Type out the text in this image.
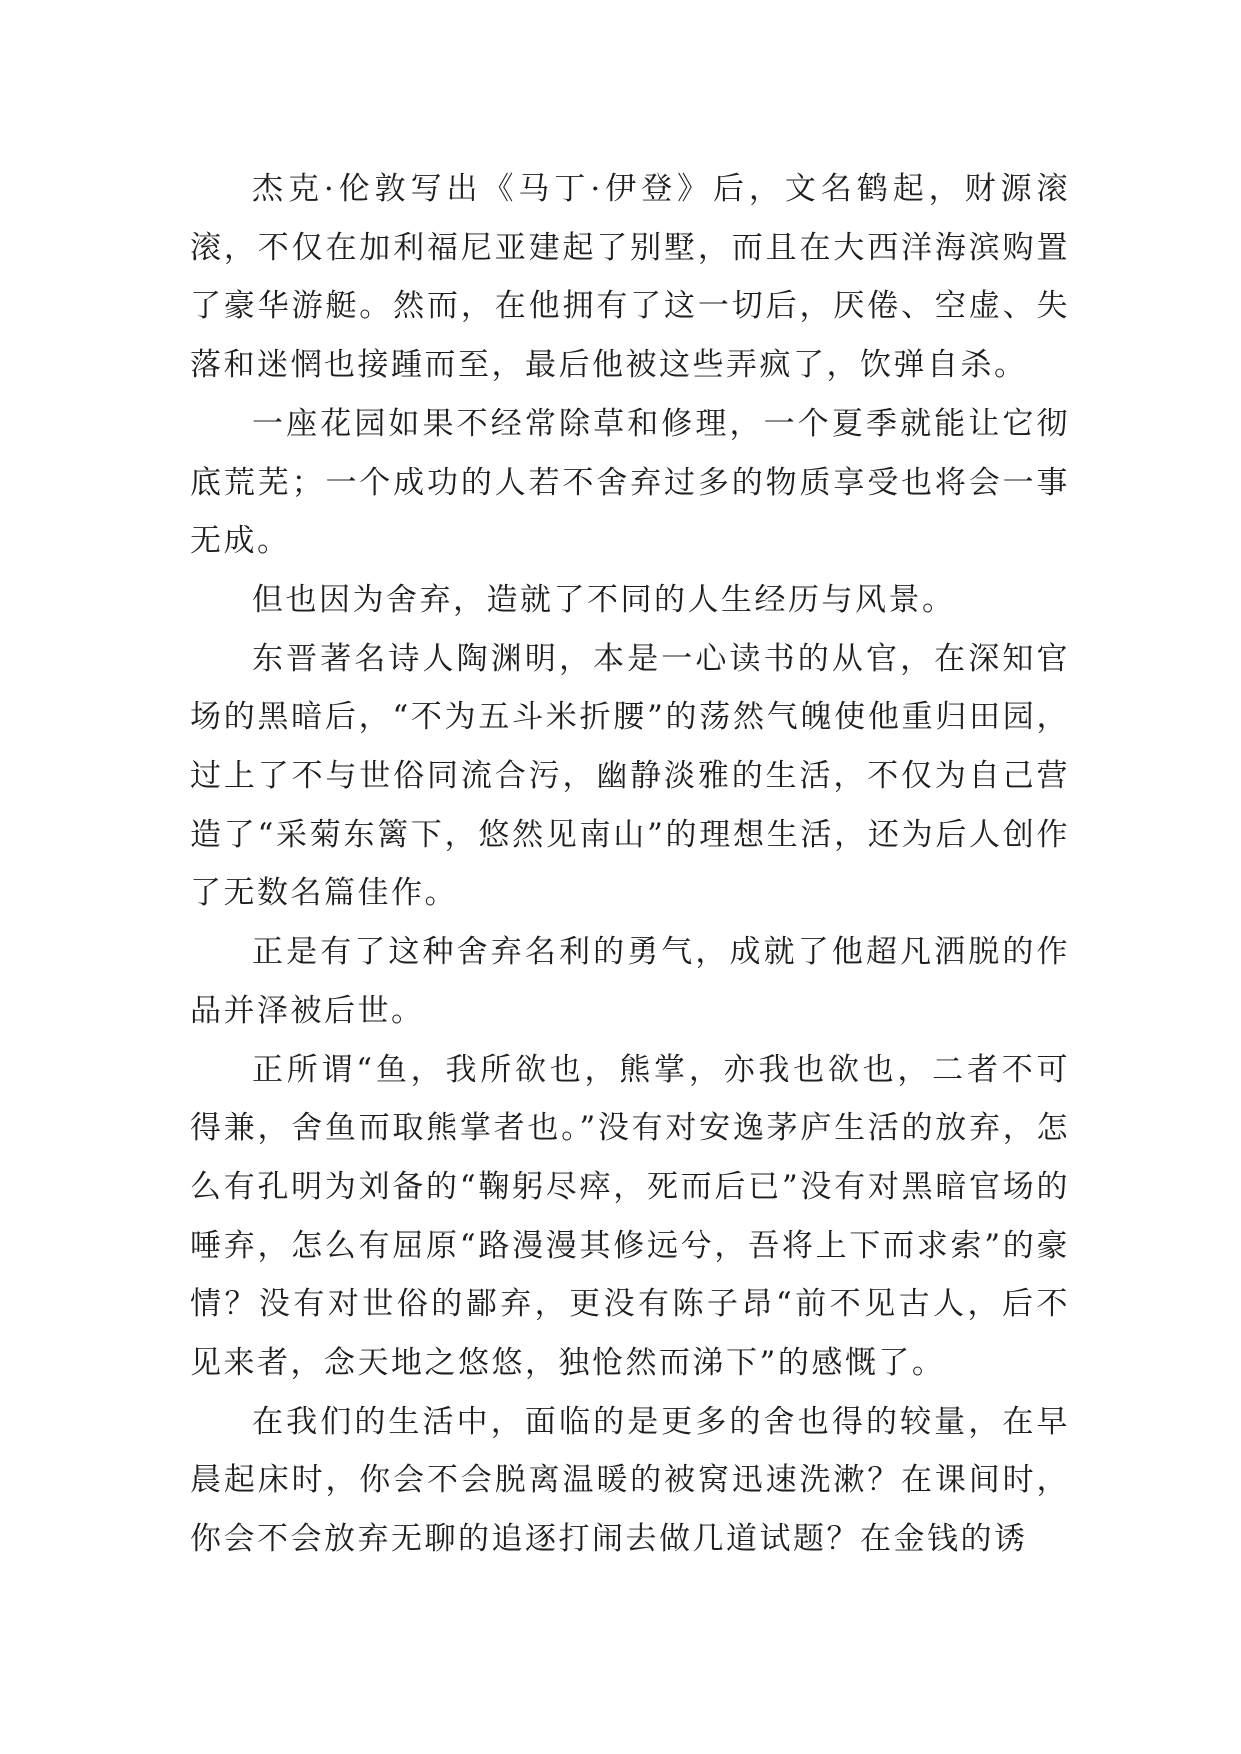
杰克·伦敦写出《马丁·伊登》后，文名鹤起，财源滚滚，不仅在加利福尼亚建起了别墅，而且在大西洋海滨购置了豪华游艇。然而，在他拥有了这一切后，厌倦、空虚、失落和迷惘也接踵而至，最后他被这些弄疯了，饮弹自杀。

一座花园如果不经常除草和修理，一个夏季就能让它彻底荒芜；一个成功的人若不舍弃过多的物质享受也将会一事无成。

但也因为舍弃，造就了不同的人生经历与风景。

东晋著名诗人陶渊明，本是一心读书的从官，在深知官场的黑暗后，“不为五斗米折腰”的荡然气魄使他重归田园，过上了不与世俗同流合污，幽静淡雅的生活，不仅为自己营造了“采菊东篱下，悠然见南山”的理想生活，还为后人创作了无数名篇佳作。

正是有了这种舍弃名利的勇气，成就了他超凡洒脱的作品并泽被后世。

正所谓“鱼，我所欲也，熊掌，亦我也欲也，二者不可得兼，舍鱼而取熊掌者也。”没有对安逸茅庐生活的放弃，怎么有孔明为刘备的“鞠躬尽瘁，死而后已”没有对黑暗官场的唾弃，怎么有屈原“路漫漫其修远兮，吾将上下而求索”的豪情？没有对世俗的鄙弃，更没有陈子昂“前不见古人，后不见来者，念天地之悠悠，独怆然而涕下”的感慨了。

在我们的生活中，面临的是更多的舍也得的较量，在早晨起床时，你会不会脱离温暖的被窝迅速洗漱？在课间时，你会不会放弃无聊的追逐打闹去做几道试题？在金钱的诱
